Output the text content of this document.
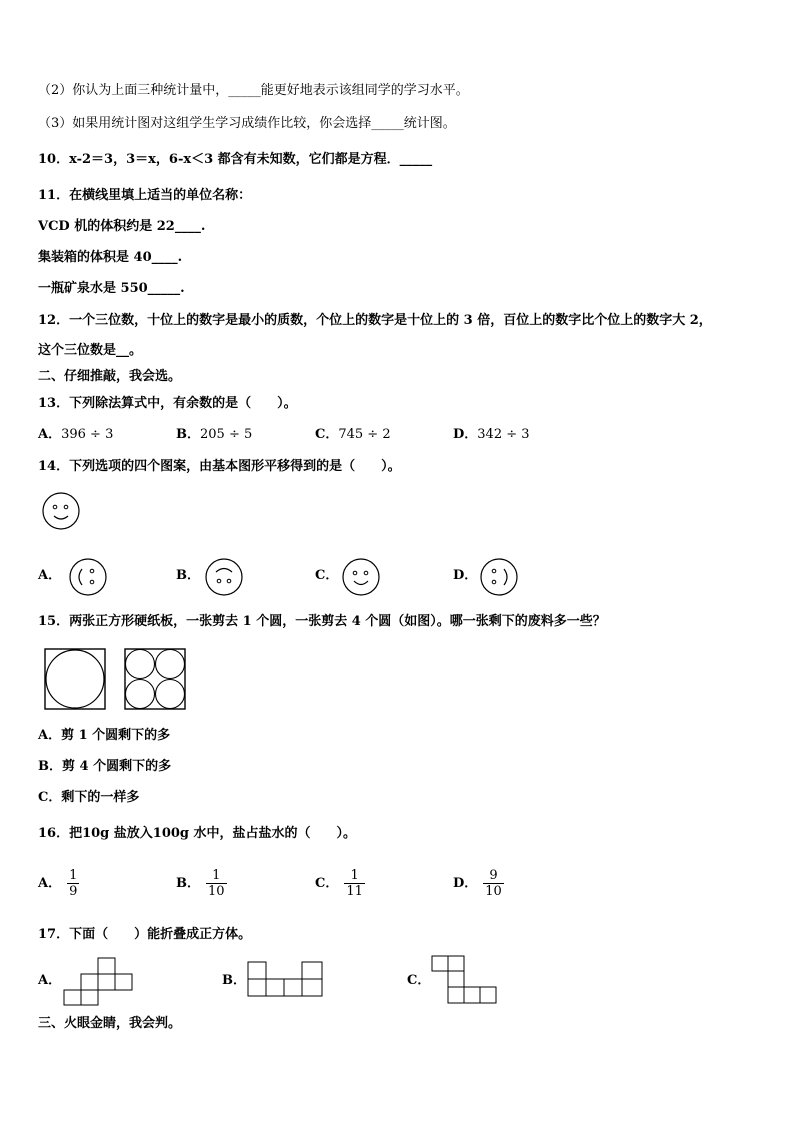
（2）你认为上面三种统计量中，_____能更好地表示该组同学的学习水平。
（3）如果用统计图对这组学生学习成绩作比较，你会选择_____统计图。
10．x-2＝3，3＝x，6-x＜3 都含有未知数，它们都是方程．_____
11．在横线里填上适当的单位名称：
VCD 机的体积约是 22____.
集装箱的体积是 40____.
一瓶矿泉水是 550_____.
12．一个三位数，十位上的数字是最小的质数，个位上的数字是十位上的 3 倍，百位上的数字比个位上的数字大 2，
这个三位数是__。
二、仔细推敲，我会选。
13．下列除法算式中，有余数的是（　　）。
A．396 ÷ 3	B．205 ÷ 5	C．745 ÷ 2	D．342 ÷ 3
14．下列选项的四个图案，由基本图形平移得到的是（　　）。
A．	B．	C．	D．
15．两张正方形硬纸板，一张剪去 1 个圆，一张剪去 4 个圆（如图）。哪一张剩下的废料多一些？
A．剪 1 个圆剩下的多
B．剪 4 个圆剩下的多
C．剩下的一样多
16．把10g 盐放入100g 水中，盐占盐水的（　　）。
A． $\frac{1}{9}$	B． $\frac{1}{10}$	C． $\frac{1}{11}$	D． $\frac{9}{10}$
17．下面（　　）能折叠成正方体。
A．	B．	C．
三、火眼金睛，我会判。
